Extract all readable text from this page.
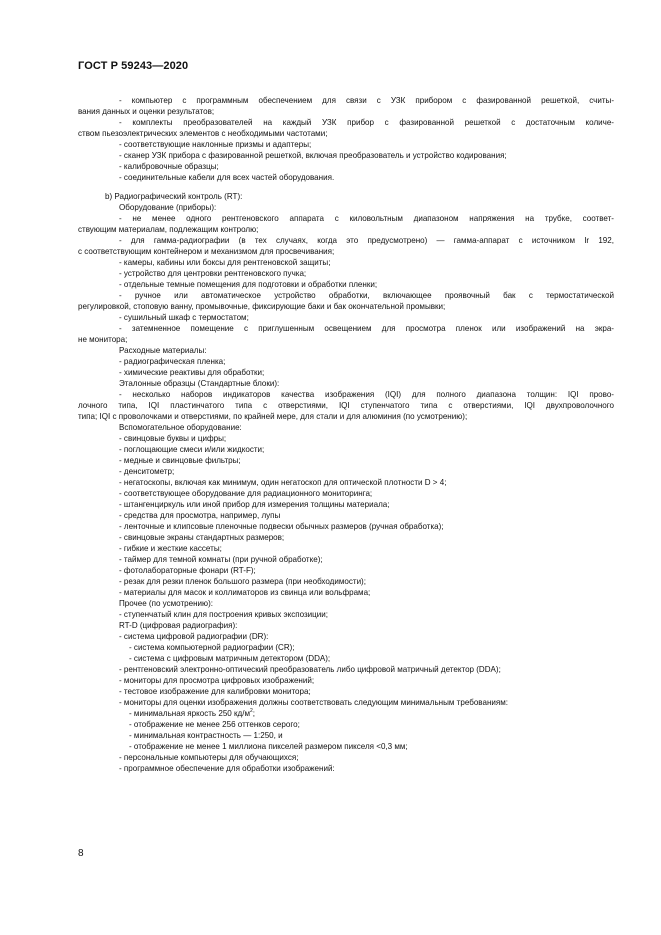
ГОСТ Р 59243—2020
- компьютер с программным обеспечением для связи с УЗК прибором с фазированной решеткой, считы-
вания данных и оценки результатов;
- комплекты преобразователей на каждый УЗК прибор с фазированной решеткой с достаточным количе-
ством пьезоэлектрических элементов с необходимыми частотами;
- соответствующие наклонные призмы и адаптеры;
- сканер УЗК прибора с фазированной решеткой, включая преобразователь и устройство кодирования;
- калибровочные образцы;
- соединительные кабели для всех частей оборудования.
b) Радиографический контроль (RT):
Оборудование (приборы):
- не менее одного рентгеновского аппарата с киловольтным диапазоном напряжения на трубке, соответ-
ствующим материалам, подлежащим контролю;
- для гамма-радиографии (в тех случаях, когда это предусмотрено) — гамма-аппарат с источником Ir 192,
с соответствующим контейнером и механизмом для просвечивания;
- камеры, кабины или боксы для рентгеновской защиты;
- устройство для центровки рентгеновского пучка;
- отдельные темные помещения для подготовки и обработки пленки;
- ручное или автоматическое устройство обработки, включающее проявочный бак с термостатической
регулировкой, стоповую ванну, промывочные, фиксирующие баки и бак окончательной промывки;
- сушильный шкаф с термостатом;
- затемненное помещение с приглушенным освещением для просмотра пленок или изображений на экра-
не монитора;
Расходные материалы:
- радиографическая пленка;
- химические реактивы для обработки;
Эталонные образцы (Стандартные блоки):
- несколько наборов индикаторов качества изображения (IQI) для полного диапазона толщин: IQI прово-
лочного типа, IQI пластинчатого типа с отверстиями, IQI ступенчатого типа с отверстиями, IQI двухпроволочного
типа; IQI с проволочками и отверстиями, по крайней мере, для стали и для алюминия (по усмотрению);
Вспомогательное оборудование:
- свинцовые буквы и цифры;
- поглощающие смеси и/или жидкости;
- медные и свинцовые фильтры;
- денситометр;
- негатоскопы, включая как минимум, один негатоскоп для оптической плотности D > 4;
- соответствующее оборудование для радиационного мониторинга;
- штангенциркуль или иной прибор для измерения толщины материала;
- средства для просмотра, например, лупы
- ленточные и клипсовые пленочные подвески обычных размеров (ручная обработка);
- свинцовые экраны стандартных размеров;
- гибкие и жесткие кассеты;
- таймер для темной комнаты (при ручной обработке);
- фотолабораторные фонари (RT-F);
- резак для резки пленок большого размера (при необходимости);
- материалы для масок и коллиматоров из свинца или вольфрама;
Прочее (по усмотрению):
- ступенчатый клин для построения кривых экспозиции;
RT-D (цифровая радиография):
- система цифровой радиографии (DR):
- система компьютерной радиографии (CR);
- система с цифровым матричным детектором (DDA);
- рентгеновский электронно-оптический преобразователь либо цифровой матричный детектор (DDA);
- мониторы для просмотра цифровых изображений;
- тестовое изображение для калибровки монитора;
- мониторы для оценки изображения должны соответствовать следующим минимальным требованиям:
- минимальная яркость 250 $кд/м^2$;
- отображение не менее 256 оттенков серого;
- минимальная контрастность — 1:250, и
- отображение не менее 1 миллиона пикселей размером пикселя <0,3 мм;
- персональные компьютеры для обучающихся;
- программное обеспечение для обработки изображений:
8
